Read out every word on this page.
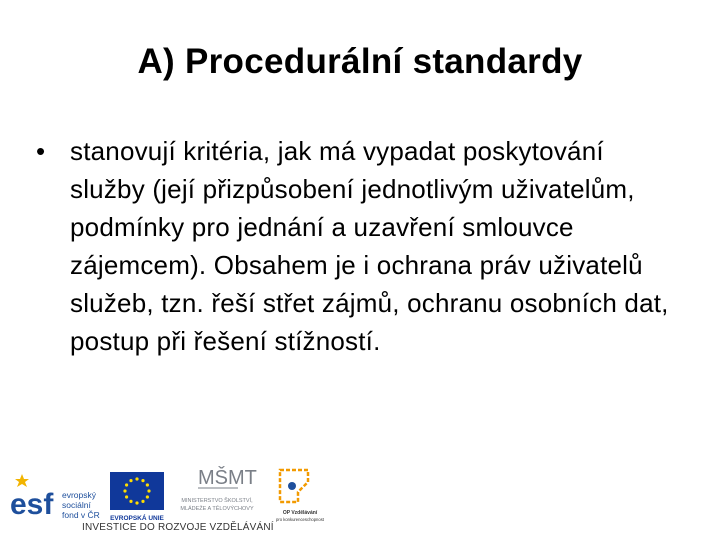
A) Procedurální standardy
• stanovují kritéria, jak má vypadat poskytování služby (její přizpůsobení jednotlivým uživatelům, podmínky pro jednání a uzavření smlouvce zájemcem). Obsahem je i ochrana práv uživatelů služeb, tzn. řeší střet zájmů, ochranu osobních dat, postup při řešení stížností.
esf evropský
sociální
fond v ČR EVROPSKÁ UNIE
MŠMT
MINISTERSTVO ŠKOLSTVÍ,
MLÁDEŽE A TĚLOVÝCHOVY
OP Vzdělávání
pro konkurenceschopnost
INVESTICE DO ROZVOJE VZDĚLÁVÁNÍ
